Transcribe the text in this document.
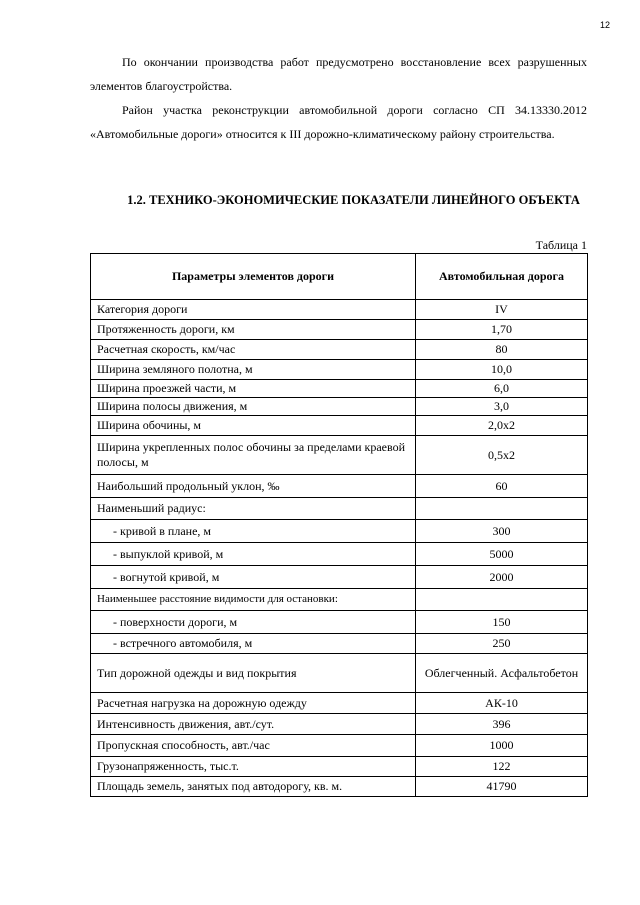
12

По окончании производства работ предусмотрено восстановление всех разрушенных элементов благоустройства.

Район участка реконструкции автомобильной дороги согласно СП 34.13330.2012 «Автомобильные дороги» относится к III дорожно-климатическому району строительства.

1.2. ТЕХНИКО-ЭКОНОМИЧЕСКИЕ ПОКАЗАТЕЛИ ЛИНЕЙНОГО ОБЪЕКТА
Таблица 1
Параметры элементов дороги	Автомобильная дорога
Категория дороги	IV
Протяженность дороги, км	1,70
Расчетная скорость, км/час	80
Ширина земляного полотна, м	10,0
Ширина проезжей части, м	6,0
Ширина полосы движения, м	3,0
Ширина обочины, м	2,0х2
Ширина укрепленных полос обочины за пределами краевой полосы, м	0,5х2
Наибольший продольный уклон, ‰	60
Наименьший радиус:	
- кривой в плане, м	300
- выпуклой кривой, м	5000
- вогнутой кривой, м	2000
Наименьшее расстояние видимости для остановки:	
- поверхности дороги, м	150
- встречного автомобиля, м	250
Тип дорожной одежды и вид покрытия	Облегченный. Асфальтобетон
Расчетная нагрузка на дорожную одежду	АК-10
Интенсивность движения, авт./сут.	396
Пропускная способность, авт./час	1000
Грузонапряженность, тыс.т.	122
Площадь земель, занятых под автодорогу, кв. м.	41790
